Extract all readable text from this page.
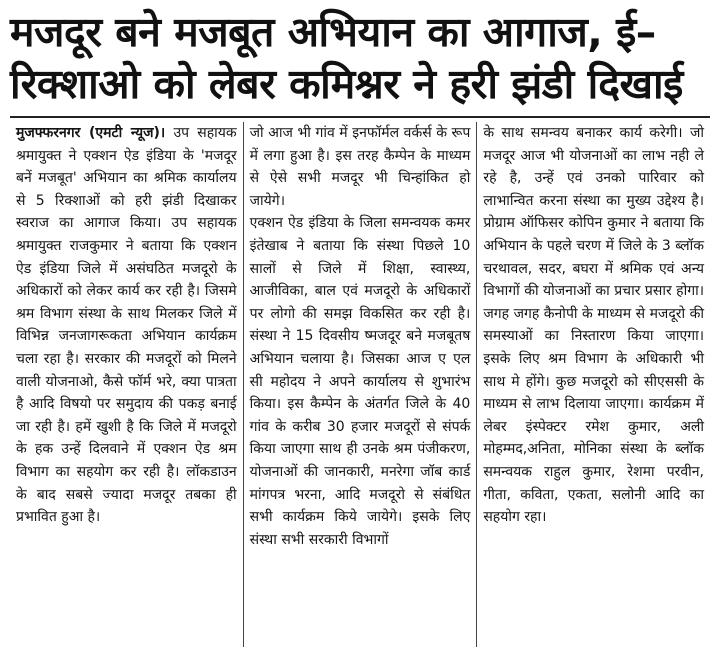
मजदूर बने मजबूत अभियान का आगाज, ई–
रिक्शाओ को लेबर कमिश्नर ने हरी झंडी दिखाई

मुजफ्फरनगर (एमटी न्यूज)। उप सहायक श्रमायुक्त ने एक्शन ऐड इंडिया के 'मजदूर बनें मजबूत' अभियान का श्रमिक कार्यालय से 5 रिक्शाओं को हरी झंडी दिखाकर स्वराज का आगाज किया। उप सहायक श्रमायुक्त राजकुमार ने बताया कि एक्शन ऐड इंडिया जिले में असंघठित मजदूरो के अधिकारों को लेकर कार्य कर रही है। जिसमे श्रम विभाग संस्था के साथ मिलकर जिले में विभिन्न जनजागरूकता अभियान कार्यक्रम चला रहा है। सरकार की मजदूरों को मिलने वाली योजनाओ, कैसे फॉर्म भरे, क्या पात्रता है आदि विषयो पर समुदाय की पकड़ बनाई जा रही है। हमें खुशी है कि जिले में मजदूरो के हक उन्हें दिलवाने में एक्शन ऐड श्रम विभाग का सहयोग कर रही है। लॉकडाउन के बाद सबसे ज्यादा मजदूर तबका ही प्रभावित हुआ है।

जो आज भी गांव में इनफॉर्मल वर्कर्स के रूप में लगा हुआ है। इस तरह कैम्पेन के माध्यम से ऐसे सभी मजदूर भी चिन्हांकित हो जायेगे।

एक्शन ऐड इंडिया के जिला समन्वयक कमर इंतेखाब ने बताया कि संस्था पिछले 10 सालों से जिले में शिक्षा, स्वास्थ्य, आजीविका, बाल एवं मजदूरो के अधिकारों पर लोगो की समझ विकसित कर रही है। संस्था ने 15 दिवसीय ष्मजदूर बने मजबूतष अभियान चलाया है। जिसका आज ए एल सी महोदय ने अपने कार्यालय से शुभारंभ किया। इस कैम्पेन के अंतर्गत जिले के 40 गांव के करीब 30 हजार मजदूरों से संपर्क किया जाएगा साथ ही उनके श्रम पंजीकरण, योजनाओं की जानकारी, मनरेगा जॉब कार्ड मांगपत्र भरना, आदि मजदूरो से संबंधित सभी कार्यक्रम किये जायेगे। इसके लिए संस्था सभी सरकारी विभागों

के साथ समन्वय बनाकर कार्य करेगी। जो मजदूर आज भी योजनाओं का लाभ नही ले रहे है, उन्हें एवं उनको पारिवार को लाभान्वित करना संस्था का मुख्य उद्देश्य है। प्रोग्राम ऑफिसर कोपिन कुमार ने बताया कि अभियान के पहले चरण में जिले के 3 ब्लॉक चरथावल, सदर, बघरा में श्रमिक एवं अन्य विभागों की योजनाओं का प्रचार प्रसार होगा। जगह जगह कैनोपी के माध्यम से मजदूरो की समस्याओं का निस्तारण किया जाएगा। इसके लिए श्रम विभाग के अधिकारी भी साथ मे होंगे। कुछ मजदूरो को सीएससी के माध्यम से लाभ दिलाया जाएगा। कार्यक्रम में लेबर इंस्पेक्टर रमेश कुमार, अली मोहम्मद,अनिता, मोनिका संस्था के ब्लॉक समन्वयक राहुल कुमार, रेशमा परवीन, गीता, कविता, एकता, सलोनी आदि का सहयोग रहा।
